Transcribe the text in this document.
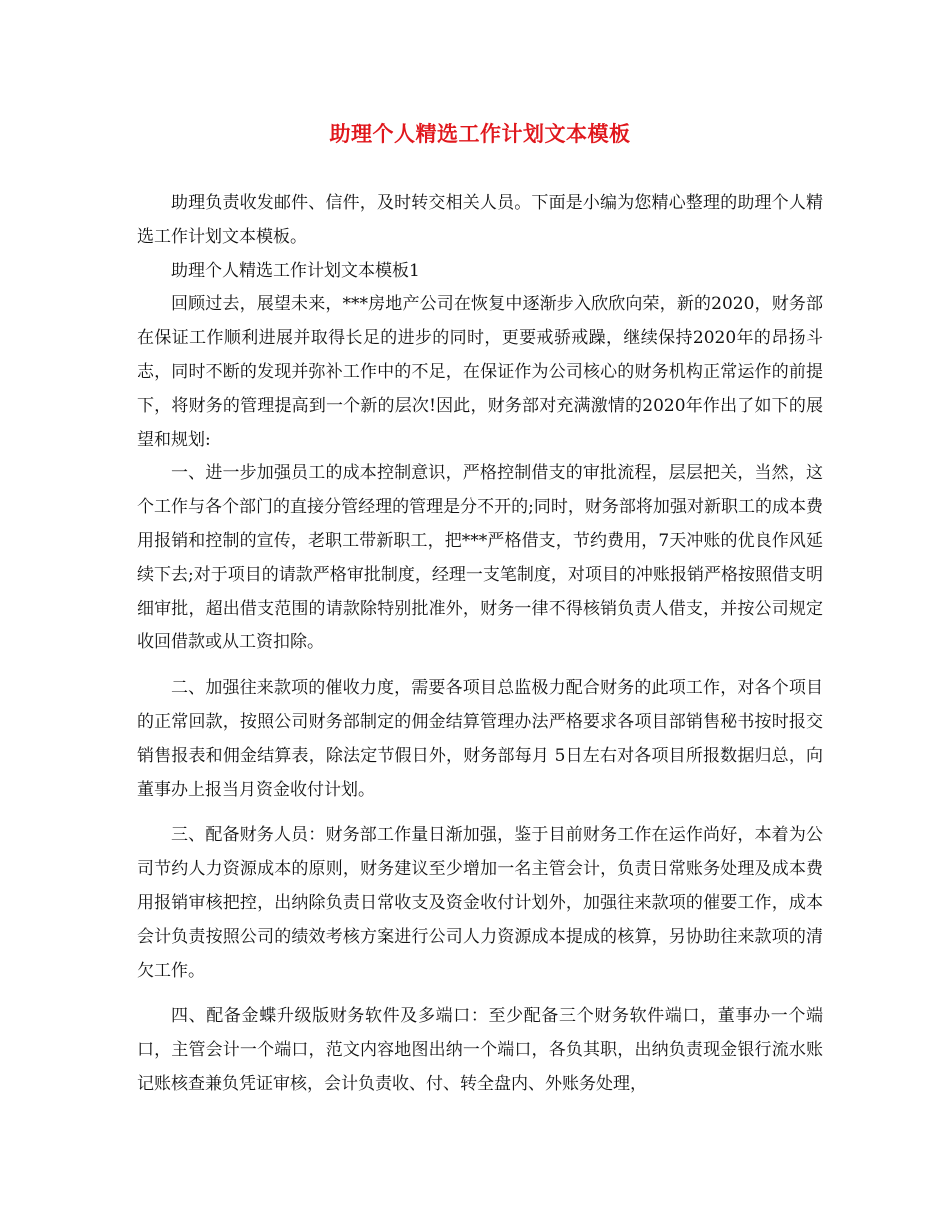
助理个人精选工作计划文本模板

助理负责收发邮件、信件，及时转交相关人员。下面是小编为您精心整理的助理个人精选工作计划文本模板。

助理个人精选工作计划文本模板1

回顾过去，展望未来，***房地产公司在恢复中逐渐步入欣欣向荣，新的2020，财务部在保证工作顺利进展并取得长足的进步的同时，更要戒骄戒躁，继续保持2020年的昂扬斗志，同时不断的发现并弥补工作中的不足，在保证作为公司核心的财务机构正常运作的前提下，将财务的管理提高到一个新的层次!因此，财务部对充满激情的2020年作出了如下的展望和规划:

一、进一步加强员工的成本控制意识，严格控制借支的审批流程，层层把关，当然，这个工作与各个部门的直接分管经理的管理是分不开的;同时，财务部将加强对新职工的成本费用报销和控制的宣传，老职工带新职工，把***严格借支，节约费用，7天冲账的优良作风延续下去;对于项目的请款严格审批制度，经理一支笔制度，对项目的冲账报销严格按照借支明细审批，超出借支范围的请款除特别批准外，财务一律不得核销负责人借支，并按公司规定收回借款或从工资扣除。

二、加强往来款项的催收力度，需要各项目总监极力配合财务的此项工作，对各个项目的正常回款，按照公司财务部制定的佣金结算管理办法严格要求各项目部销售秘书按时报交销售报表和佣金结算表，除法定节假日外，财务部每月 5日左右对各项目所报数据归总，向董事办上报当月资金收付计划。

三、配备财务人员：财务部工作量日渐加强，鉴于目前财务工作在运作尚好，本着为公司节约人力资源成本的原则，财务建议至少增加一名主管会计，负责日常账务处理及成本费用报销审核把控，出纳除负责日常收支及资金收付计划外，加强往来款项的催要工作，成本会计负责按照公司的绩效考核方案进行公司人力资源成本提成的核算，另协助往来款项的清欠工作。

四、配备金蝶升级版财务软件及多端口：至少配备三个财务软件端口，董事办一个端口，主管会计一个端口，范文内容地图出纳一个端口，各负其职，出纳负责现金银行流水账记账核查兼负凭证审核，会计负责收、付、转全盘内、外账务处理，
